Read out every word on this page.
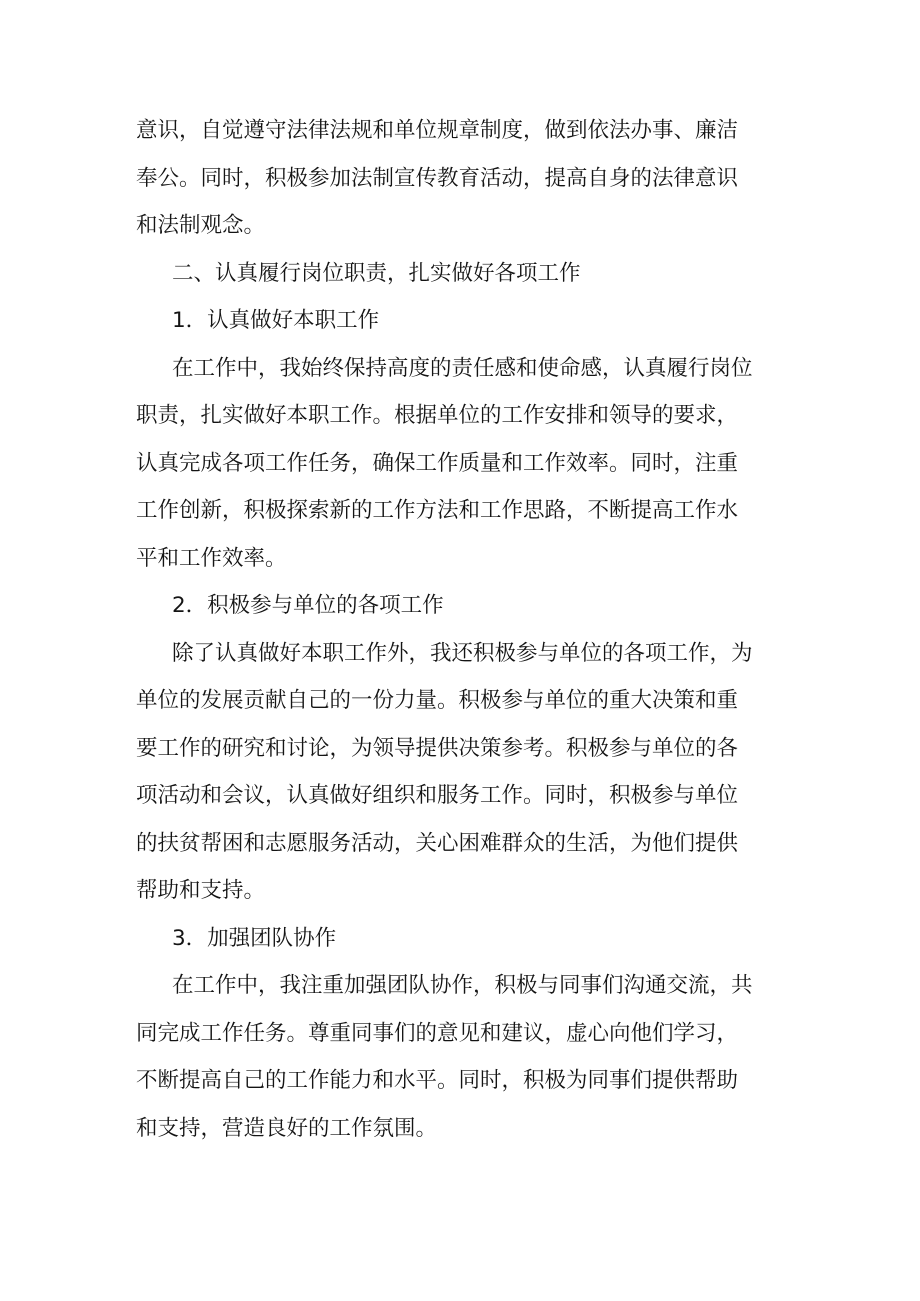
意识，自觉遵守法律法规和单位规章制度，做到依法办事、廉洁
奉公。同时，积极参加法制宣传教育活动，提高自身的法律意识
和法制观念。
二、认真履行岗位职责，扎实做好各项工作
1．认真做好本职工作
在工作中，我始终保持高度的责任感和使命感，认真履行岗位
职责，扎实做好本职工作。根据单位的工作安排和领导的要求，
认真完成各项工作任务，确保工作质量和工作效率。同时，注重
工作创新，积极探索新的工作方法和工作思路，不断提高工作水
平和工作效率。
2．积极参与单位的各项工作
除了认真做好本职工作外，我还积极参与单位的各项工作，为
单位的发展贡献自己的一份力量。积极参与单位的重大决策和重
要工作的研究和讨论，为领导提供决策参考。积极参与单位的各
项活动和会议，认真做好组织和服务工作。同时，积极参与单位
的扶贫帮困和志愿服务活动，关心困难群众的生活，为他们提供
帮助和支持。
3．加强团队协作
在工作中，我注重加强团队协作，积极与同事们沟通交流，共
同完成工作任务。尊重同事们的意见和建议，虚心向他们学习，
不断提高自己的工作能力和水平。同时，积极为同事们提供帮助
和支持，营造良好的工作氛围。
